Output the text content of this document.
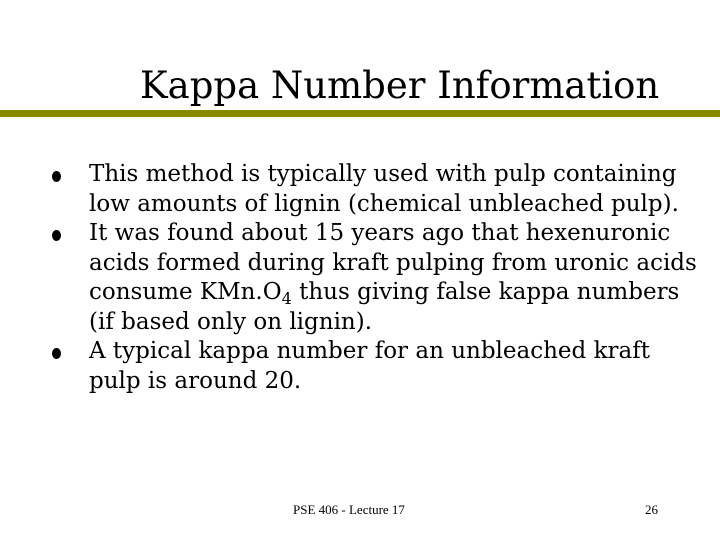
Kappa Number Information

This method is typically used with pulp containing low amounts of lignin (chemical unbleached pulp).

It was found about 15 years ago that hexenuronic acids formed during kraft pulping from uronic acids consume $KMn.O_4$ thus giving false kappa numbers (if based only on lignin).

A typical kappa number for an unbleached kraft pulp is around 20.

PSE 406 - Lecture 17	26
